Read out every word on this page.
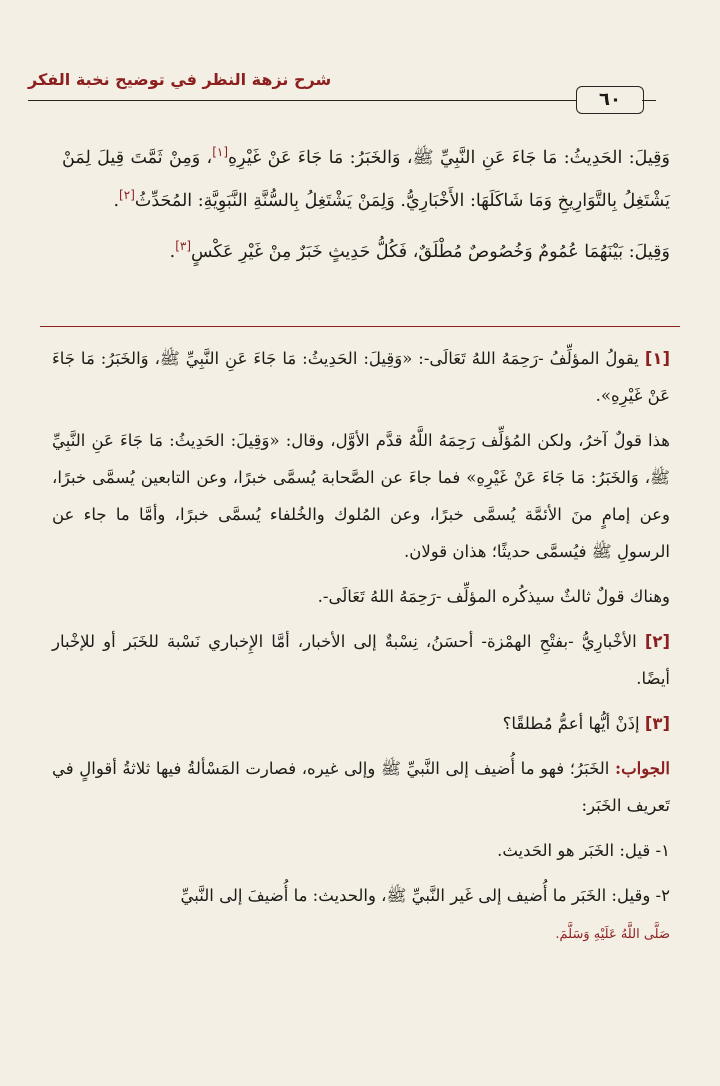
شرح نزهة النظر في توضيح نخبة الفكر
٦٠

وَقِيلَ: الحَدِيثُ: مَا جَاءَ عَنِ النَّبِيِّ ﷺ، وَالخَبَرُ: مَا جَاءَ عَنْ غَيْرِهِ[١]، وَمِنْ ثَمَّتَ قِيلَ لِمَنْ يَشْتَغِلُ بِالتَّوَارِيخِ وَمَا شَاكَلَهَا: الأَخْبَارِيُّ. وَلِمَنْ يَشْتَغِلُ بِالسُّنَّةِ النَّبَوِيَّةِ: المُحَدِّثُ[٢].

وَقِيلَ: بَيْنَهُمَا عُمُومٌ وَخُصُوصٌ مُطْلَقٌ، فَكُلُّ حَدِيثٍ خَبَرٌ مِنْ غَيْرِ عَكْسٍ[٣].

[١] يقولُ المؤلِّفُ -رَحِمَهُ اللهُ تَعَالَى-: «وَقِيلَ: الحَدِيثُ: مَا جَاءَ عَنِ النَّبِيِّ ﷺ، وَالخَبَرُ: مَا جَاءَ عَنْ غَيْرِهِ».

هذا قولٌ آخرُ، ولكن المُؤلِّف رَحِمَهُ اللَّهُ قدَّم الأوَّل، وقال: «وَقِيلَ: الحَدِيثُ: مَا جَاءَ عَنِ النَّبِيِّ ﷺ، وَالخَبَرُ: مَا جَاءَ عَنْ غَيْرِهِ» فما جاءَ عن الصَّحابة يُسمَّى خبرًا، وعن التابعين يُسمَّى خبرًا، وعن إمامٍ منَ الأئمَّة يُسمَّى خبرًا، وعن المُلوك والخُلفاء يُسمَّى خبرًا، وأمَّا ما جاء عن الرسولِ ﷺ فيُسمَّى حديثًا؛ هذان قولان.

وهناك قولٌ ثالثٌ سيذكُره المؤلِّف -رَحِمَهُ اللهُ تَعَالَى-.

[٢] الأخْبارِيُّ -بفتْحِ الهمْزة- أحسَنُ، نِسْبةٌ إلى الأخبار، أمَّا الإِخباري نَسْبة للخَبَر أو للإخْبار أيضًا.

[٣] إذَنْ أيُّها أعمُّ مُطلقًا؟

الجواب: الخَبَرُ؛ فهو ما أُضيف إلى النَّبيِّ ﷺ وإلى غيره، فصارت المَسْألةُ فيها ثلاثةُ أقوالٍ في تَعريف الخَبَر:

١- قيل: الخَبَر هو الحَديث.

٢- وقيل: الخَبَر ما أُضيف إلى غَير النَّبيِّ ﷺ، والحديث: ما أُضيفَ إلى النَّبيِّ
صَلَّى اللَّهُ عَلَيْهِ وَسَلَّمَ.
